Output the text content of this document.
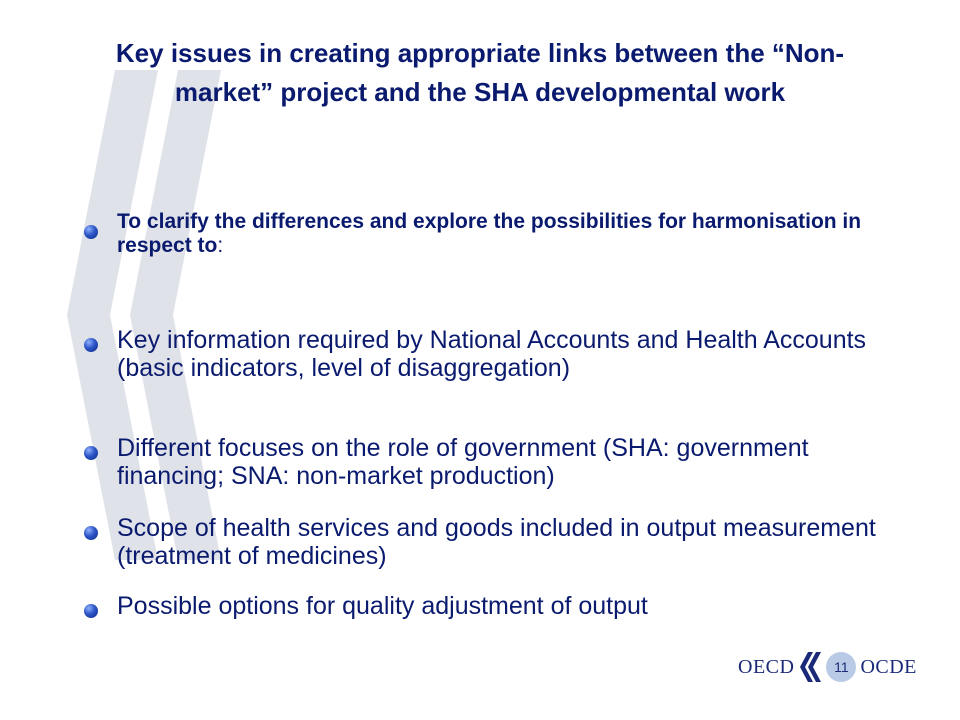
Key issues in creating appropriate links between the “Non-market” project and the SHA developmental work
To clarify the differences and explore the possibilities for harmonisation in respect to:
Key information required by National Accounts and Health Accounts (basic indicators, level of disaggregation)
Different focuses on the role of government (SHA: government financing; SNA: non-market production)
Scope of health services and goods included in output measurement (treatment of medicines)
Possible options for quality adjustment of output
OECD	11 OCDE
